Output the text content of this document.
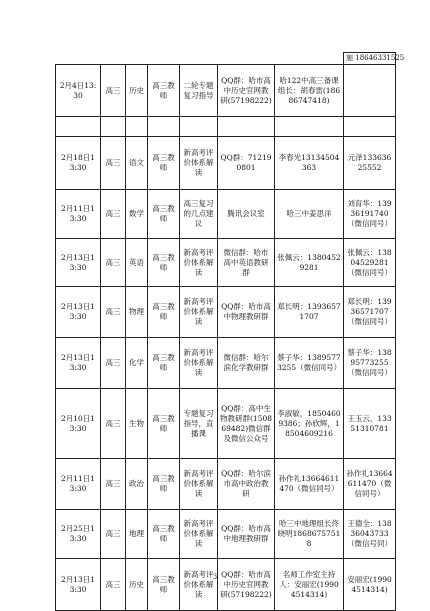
							施 18646331525
2月4日13:30	高三	历史	高三教师	二轮专题复习指导	QQ群：哈市高中历史官网教研(57198222)	哈122中高三备课组长：胡春雷(18686747418)	

2月18日13:30	高三	语文	高三教师	新高考评价体系解读	QQ群：712190801	李春光13134504363	元泽13363625552
2月11日13:30	高三	数学	高三教师	高三复习的几点建议	腾讯会议室	哈三中姜思洋	刘育华：13936191740（微信同号）
2月13日13:30	高三	英语	高三教师	新高考评价体系解读	微信群：哈市高中英语教研群	张佩云：13804529281	张佩云：13804529281（微信同号）
2月13日13:30	高三	物理	高三教师	新高考评价体系解读	QQ群：哈市高中物理教研群	郑长明：13936571707	郑长明：13936571707（微信同号）
2月13日13:30	高三	化学	高三教师	新高考评价体系解读	微信群：哈尔滨化学教研群	蔡子华：13895773255（微信同号）	蔡子华：13895773255（微信同号）
2月10日13:30	高三	生物	高三教师	专题复习指导，直播课	QQ群：高中生物教研群(150869482)微信群及微信公众号	李淑敏，18504609386；孙欣辉，18504609216	王玉云，13351310781
2月11日13:30	高三	政治	高三教师	新高考评价体系解读	QQ群：哈尔滨市高中政治教研	孙作礼13664611470（微信同号）	孙作礼13664611470（微信同号）
2月25日13:30	高三	地理	高三教师	新高考评价体系解读	QQ群：哈市高中地理教研群	哈三中地理组长佟晓明18686757518	王德全：13836043733（微信号同）
2月13日13:30	高三	历史	高三教师	新高考评价体系解读	QQ群：哈市高中历史官网教研(57198222)	名师工作室主持人：安丽宏(19904514314)	安丽宏(19904514314)
3
